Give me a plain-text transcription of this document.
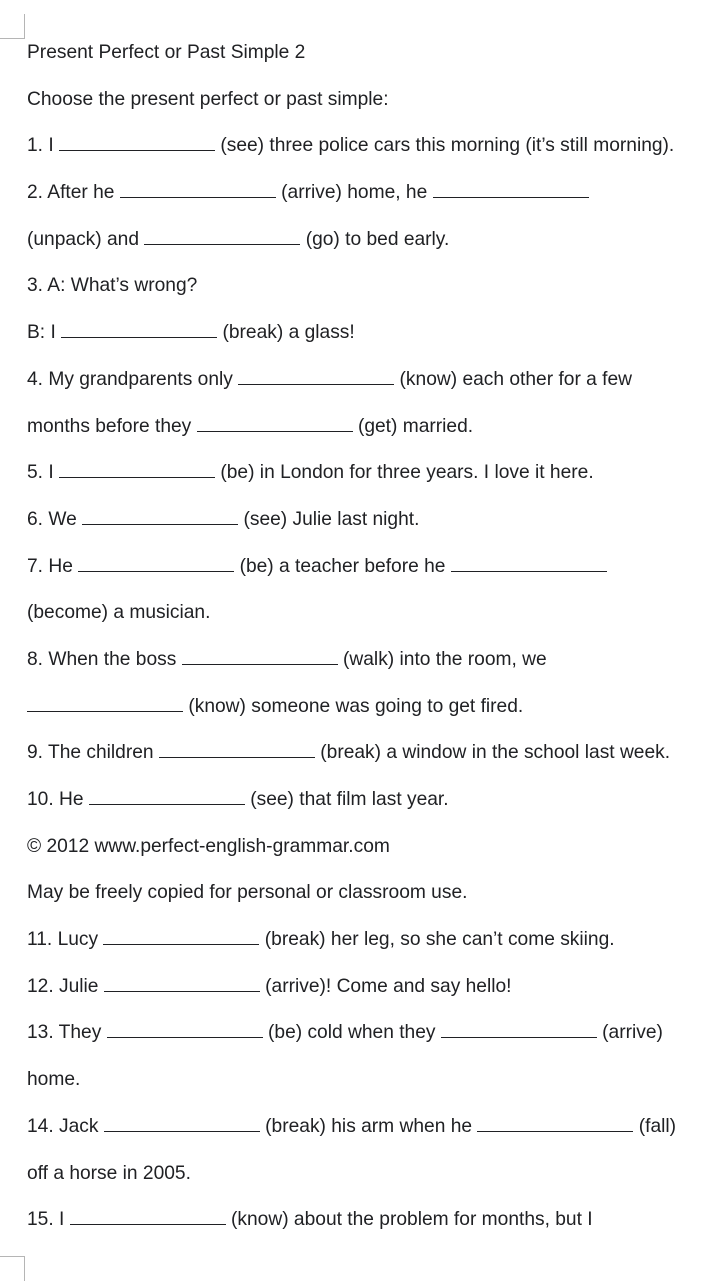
Present Perfect or Past Simple 2
Choose the present perfect or past simple:
1. I	(see) three police cars this morning (it’s still morning).
2. After he	(arrive) home, he
(unpack) and	(go) to bed early.
3. A: What’s wrong?
B: I	(break) a glass!
4. My grandparents only	(know) each other for a few
months before they	(get) married.
5. I	(be) in London for three years. I love it here.
6. We	(see) Julie last night.
7. He	(be) a teacher before he
(become) a musician.
8. When the boss	(walk) into the room, we
(know) someone was going to get fired.
9. The children	(break) a window in the school last week.
10. He	(see) that film last year.
© 2012 www.perfect-english-grammar.com
May be freely copied for personal or classroom use.
11. Lucy	(break) her leg, so she can’t come skiing.
12. Julie	(arrive)! Come and say hello!
13. They	(be) cold when they	(arrive)
home.
14. Jack	(break) his arm when he	(fall)
off a horse in 2005.
15. I	(know) about the problem for months, but I
